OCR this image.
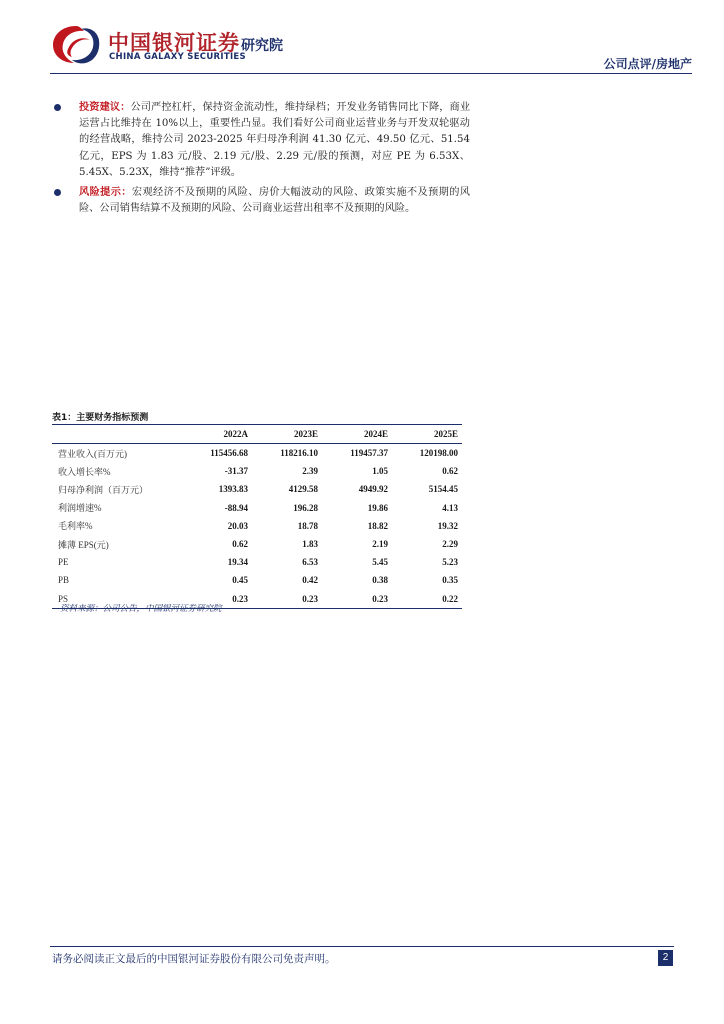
中国银河证券
CHINA GALAXY SECURITIES
研究院
公司点评/房地产
投资建议：公司严控杠杆，保持资金流动性，维持绿档；开发业务销售同比下降，商业运营占比维持在 10%以上，重要性凸显。我们看好公司商业运营业务与开发双轮驱动的经营战略，维持公司 2023-2025 年归母净利润 41.30 亿元、49.50 亿元、51.54 亿元，EPS 为 1.83 元/股、2.19 元/股、2.29 元/股的预测，对应 PE 为 6.53X、5.45X、5.23X，维持“推荐”评级。
风险提示：宏观经济不及预期的风险、房价大幅波动的风险、政策实施不及预期的风险、公司销售结算不及预期的风险、公司商业运营出租率不及预期的风险。
表1：主要财务指标预测
	2022A	2023E	2024E	2025E
营业收入(百万元)	115456.68	118216.10	119457.37	120198.00
收入增长率%	-31.37	2.39	1.05	0.62
归母净利润（百万元）	1393.83	4129.58	4949.92	5154.45
利润增速%	-88.94	196.28	19.86	4.13
毛利率%	20.03	18.78	18.82	19.32
摊薄 EPS(元)	0.62	1.83	2.19	2.29
PE	19.34	6.53	5.45	5.23
PB	0.45	0.42	0.38	0.35
PS	0.23	0.23	0.23	0.22
资料来源：公司公告，中国银河证券研究院
请务必阅读正文最后的中国银河证券股份有限公司免责声明。	2
